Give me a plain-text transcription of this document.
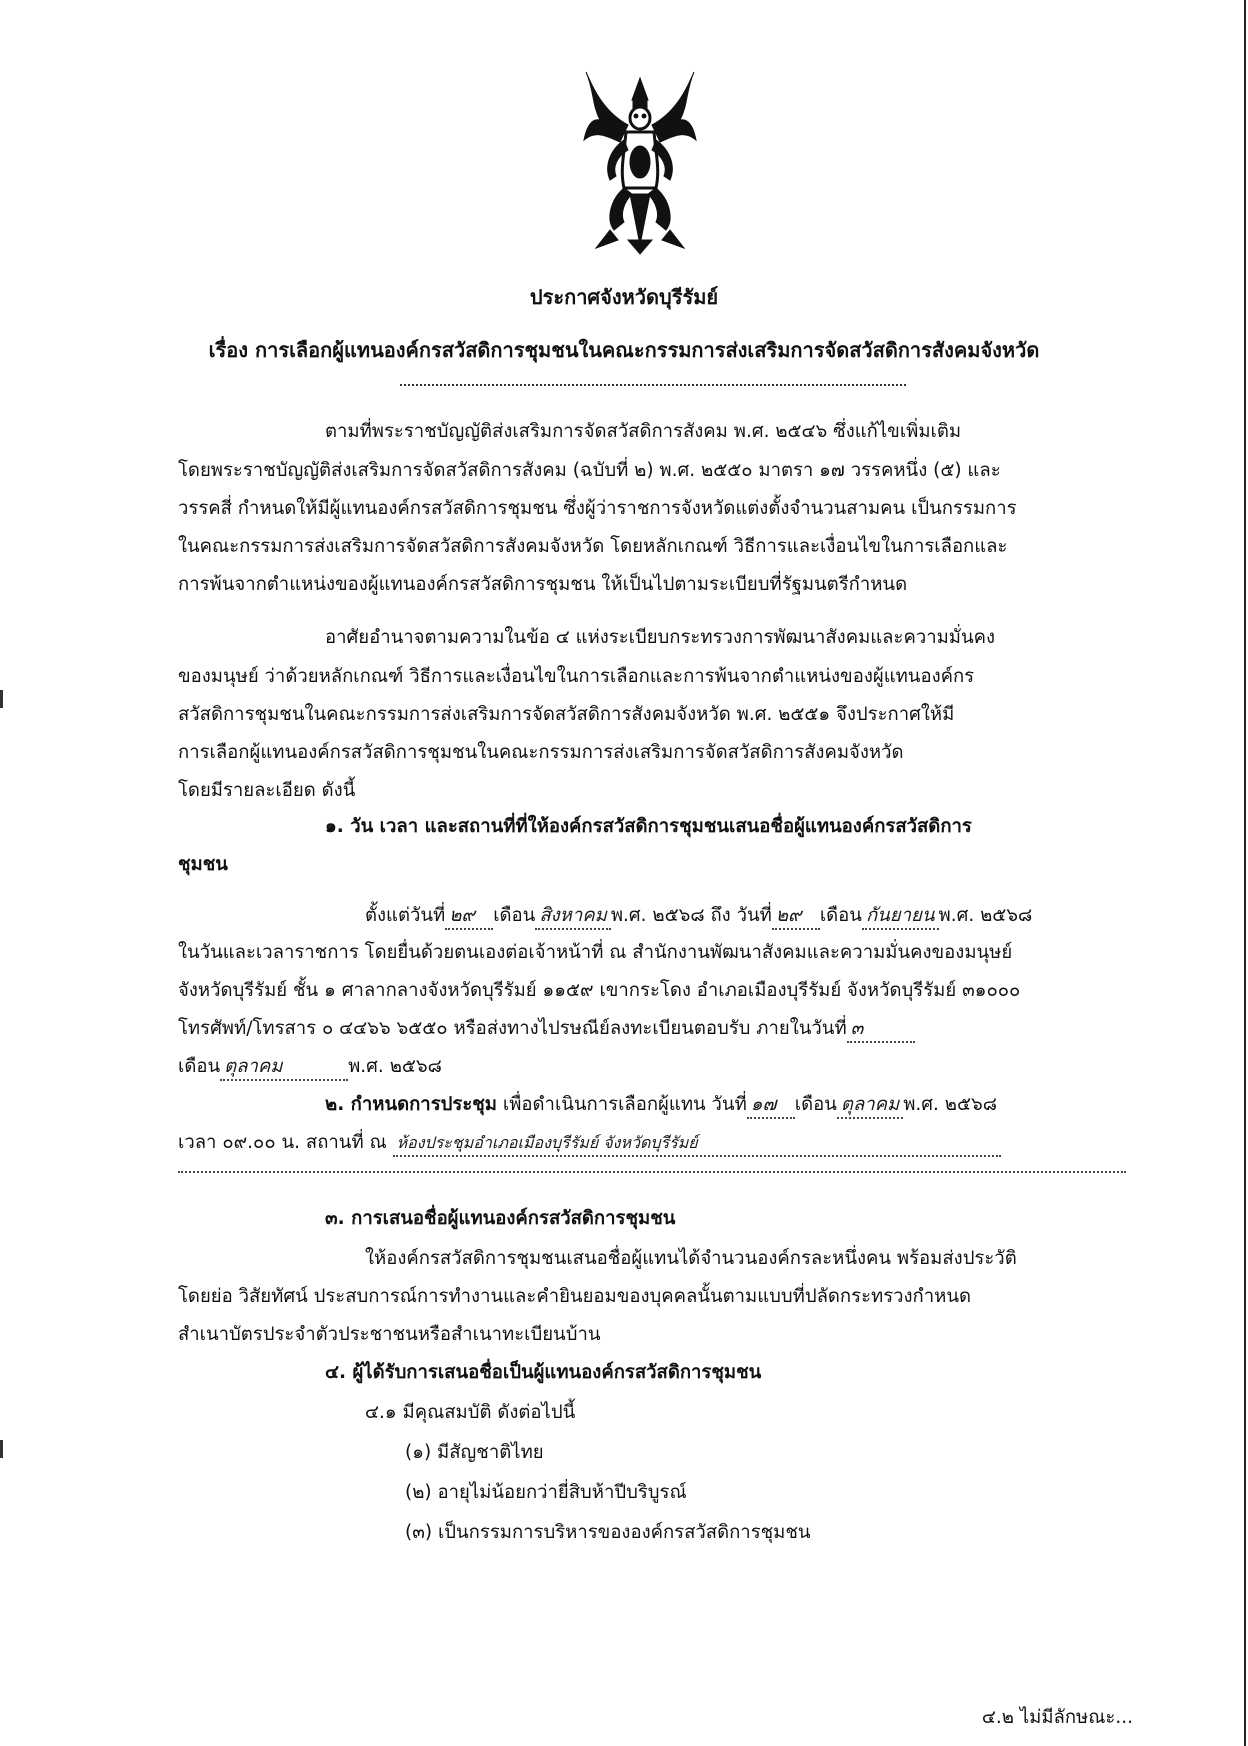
ประกาศจังหวัดบุรีรัมย์
เรื่อง การเลือกผู้แทนองค์กรสวัสดิการชุมชนในคณะกรรมการส่งเสริมการจัดสวัสดิการสังคมจังหวัด
ตามที่พระราชบัญญัติส่งเสริมการจัดสวัสดิการสังคม พ.ศ. ๒๕๔๖ ซึ่งแก้ไขเพิ่มเติม
โดยพระราชบัญญัติส่งเสริมการจัดสวัสดิการสังคม (ฉบับที่ ๒) พ.ศ. ๒๕๕๐ มาตรา ๑๗ วรรคหนึ่ง (๕) และ
วรรคสี่ กำหนดให้มีผู้แทนองค์กรสวัสดิการชุมชน ซึ่งผู้ว่าราชการจังหวัดแต่งตั้งจำนวนสามคน เป็นกรรมการ
ในคณะกรรมการส่งเสริมการจัดสวัสดิการสังคมจังหวัด โดยหลักเกณฑ์ วิธีการและเงื่อนไขในการเลือกและ
การพ้นจากตำแหน่งของผู้แทนองค์กรสวัสดิการชุมชน ให้เป็นไปตามระเบียบที่รัฐมนตรีกำหนด
อาศัยอำนาจตามความในข้อ ๔ แห่งระเบียบกระทรวงการพัฒนาสังคมและความมั่นคง
ของมนุษย์ ว่าด้วยหลักเกณฑ์ วิธีการและเงื่อนไขในการเลือกและการพ้นจากตำแหน่งของผู้แทนองค์กร
สวัสดิการชุมชนในคณะกรรมการส่งเสริมการจัดสวัสดิการสังคมจังหวัด พ.ศ. ๒๕๕๑ จึงประกาศให้มี
การเลือกผู้แทนองค์กรสวัสดิการชุมชนในคณะกรรมการส่งเสริมการจัดสวัสดิการสังคมจังหวัด
โดยมีรายละเอียด ดังนี้
๑. วัน เวลา และสถานที่ที่ให้องค์กรสวัสดิการชุมชนเสนอชื่อผู้แทนองค์กรสวัสดิการ
ชุมชน
ตั้งแต่วันที่ ๒๙ เดือน สิงหาคม พ.ศ. ๒๕๖๘ ถึง วันที่ ๒๙ เดือน กันยายน พ.ศ. ๒๕๖๘
ในวันและเวลาราชการ โดยยื่นด้วยตนเองต่อเจ้าหน้าที่ ณ สำนักงานพัฒนาสังคมและความมั่นคงของมนุษย์
จังหวัดบุรีรัมย์ ชั้น ๑ ศาลากลางจังหวัดบุรีรัมย์ ๑๑๕๙ เขากระโดง อำเภอเมืองบุรีรัมย์ จังหวัดบุรีรัมย์ ๓๑๐๐๐
โทรศัพท์/โทรสาร ๐ ๔๔๖๖ ๖๕๕๐ หรือส่งทางไปรษณีย์ลงทะเบียนตอบรับ ภายในวันที่ ๓
เดือน ตุลาคม	พ.ศ. ๒๕๖๘
๒. กำหนดการประชุม เพื่อดำเนินการเลือกผู้แทน วันที่ ๑๗ เดือน ตุลาคม พ.ศ. ๒๕๖๘
เวลา ๐๙.๐๐ น. สถานที่ ณ ห้องประชุมอำเภอเมืองบุรีรัมย์ จังหวัดบุรีรัมย์
๓. การเสนอชื่อผู้แทนองค์กรสวัสดิการชุมชน
ให้องค์กรสวัสดิการชุมชนเสนอชื่อผู้แทนได้จำนวนองค์กรละหนึ่งคน พร้อมส่งประวัติ
โดยย่อ วิสัยทัศน์ ประสบการณ์การทำงานและคำยินยอมของบุคคลนั้นตามแบบที่ปลัดกระทรวงกำหนด
สำเนาบัตรประจำตัวประชาชนหรือสำเนาทะเบียนบ้าน
๔. ผู้ได้รับการเสนอชื่อเป็นผู้แทนองค์กรสวัสดิการชุมชน
๔.๑ มีคุณสมบัติ ดังต่อไปนี้
(๑) มีสัญชาติไทย
(๒) อายุไม่น้อยกว่ายี่สิบห้าปีบริบูรณ์
(๓) เป็นกรรมการบริหารขององค์กรสวัสดิการชุมชน
๔.๒ ไม่มีลักษณะ...
